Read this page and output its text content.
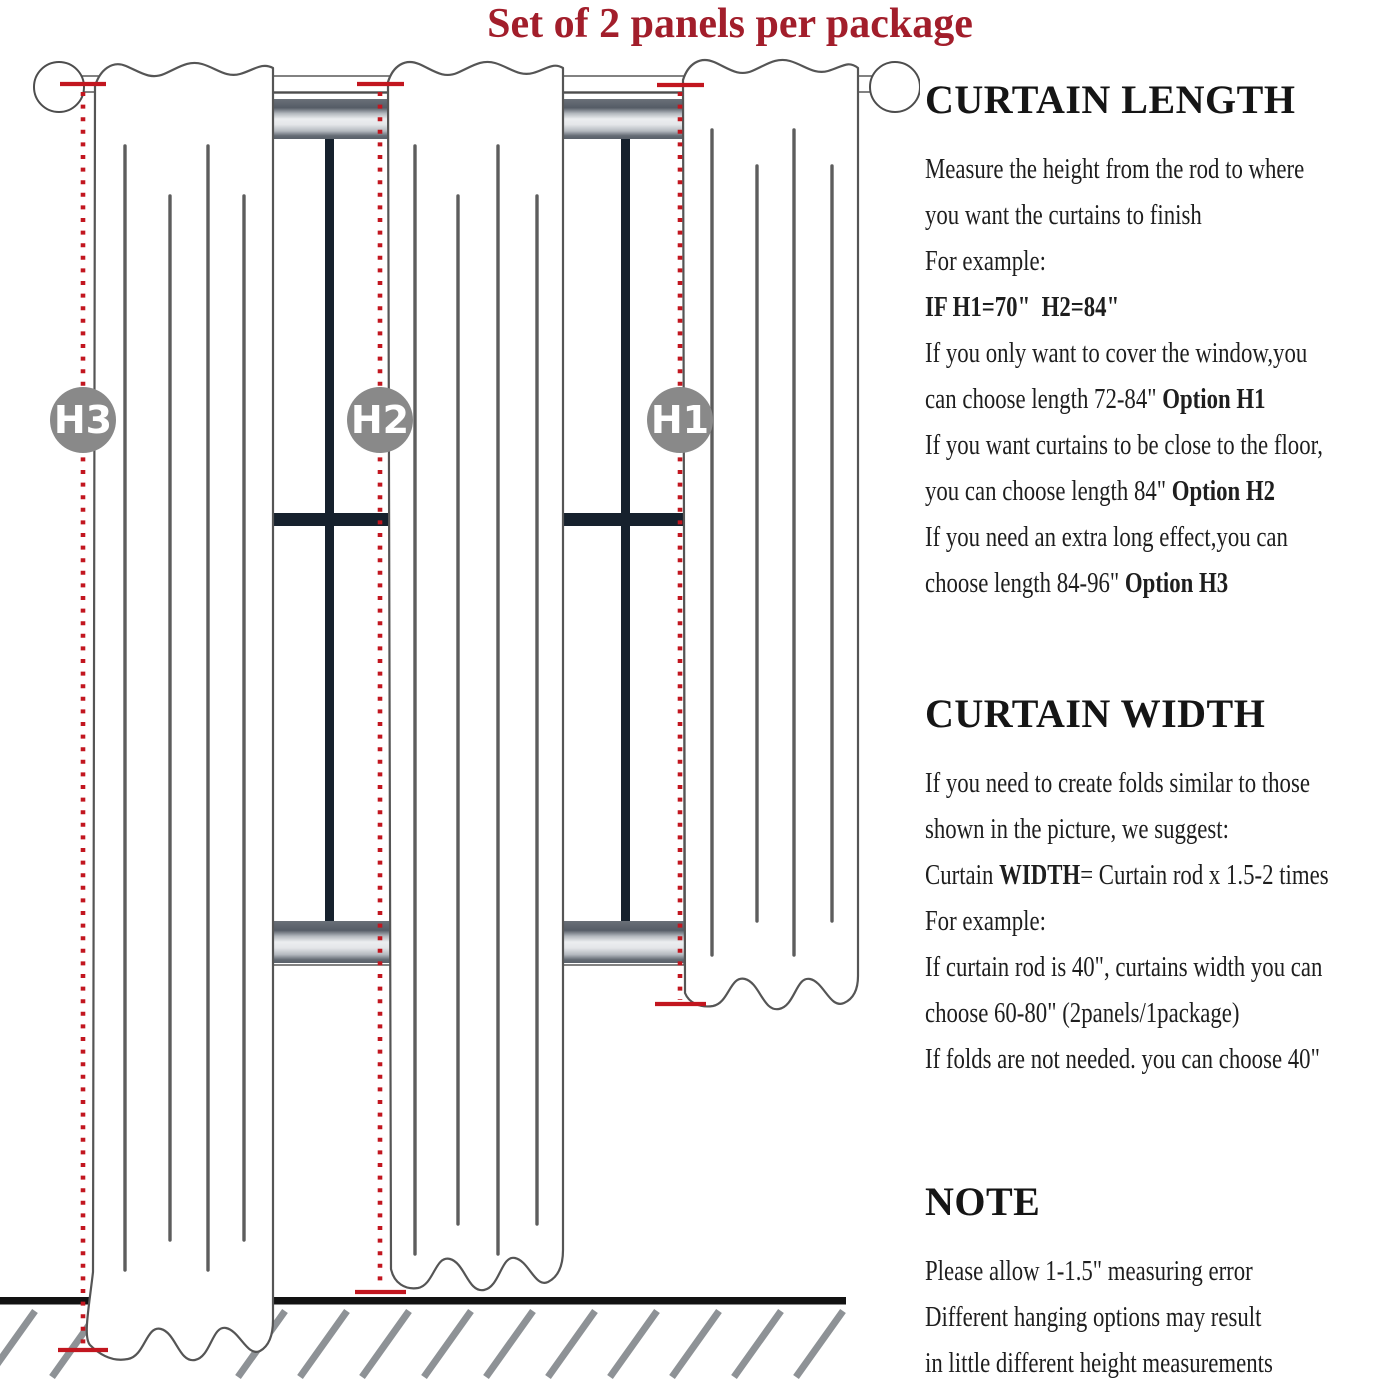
Set of 2 panels per package
H3	H2	H1
CURTAIN LENGTH
Measure the height from the rod to where
you want the curtains to finish
For example:
IF H1=70"  H2=84"
If you only want to cover the window,you
can choose length 72-84" Option H1
If you want curtains to be close to the floor,
you can choose length 84" Option H2
If you need an extra long effect,you can
choose length 84-96" Option H3
CURTAIN WIDTH
If you need to create folds similar to those
shown in the picture, we suggest:
Curtain WIDTH= Curtain rod x 1.5-2 times
For example:
If curtain rod is 40", curtains width you can
choose 60-80" (2panels/1package)
If folds are not needed. you can choose 40"
NOTE
Please allow 1-1.5" measuring error
Different hanging options may result
in little different height measurements
